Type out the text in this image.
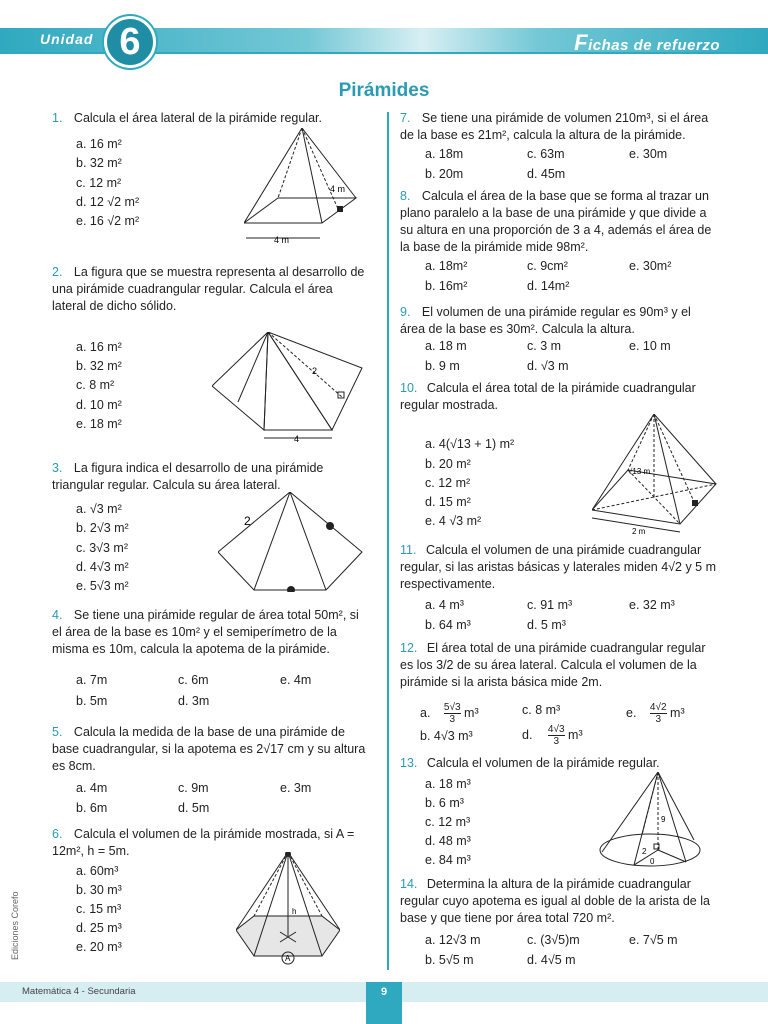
Unidad 6	Fichas de refuerzo
Pirámides
1. Calcula el área lateral de la pirámide regular.
a. 16 m²
b. 32 m²
c. 12 m²
d. 12 √2 m²
e. 16 √2 m²
4 m
4 m
2. La figura que se muestra representa al desarrollo de una pirámide cuadrangular regular. Calcula el área lateral de dicho sólido.
a. 16 m²
b. 32 m²
c. 8 m²
d. 10 m²
e. 18 m²
2
4
3. La figura indica el desarrollo de una pirámide triangular regular. Calcula su área lateral.
a. √3 m²
b. 2√3 m²
c. 3√3 m²
d. 4√3 m²
e. 5√3 m²
2
4. Se tiene una pirámide regular de área total 50m², si el área de la base es 10m² y el semiperímetro de la misma es 10m, calcula la apotema de la pirámide.
a. 7m	c. 6m	e. 4m
b. 5m	d. 3m
5. Calcula la medida de la base de una pirámide de base cuadrangular, si la apotema es 2√17 cm y su altura es 8cm.
a. 4m	c. 9m	e. 3m
b. 6m	d. 5m
6. Calcula el volumen de la pirámide mostrada, si A = 12m², h = 5m.
a. 60m³
b. 30 m³
c. 15 m³
d. 25 m³
e. 20 m³
h
A
7. Se tiene una pirámide de volumen 210m³, si el área de la base es 21m², calcula la altura de la pirámide.
a. 18m	c. 63m	e. 30m
b. 20m	d. 45m
8. Calcula el área de la base que se forma al trazar un plano paralelo a la base de una pirámide y que divide a su altura en una proporción de 3 a 4, además el área de la base de la pirámide mide 98m².
a. 18m²	c. 9cm²	e. 30m²
b. 16m²	d. 14m²
9. El volumen de una pirámide regular es 90m³ y el área de la base es 30m². Calcula la altura.
a. 18 m	c. 3 m	e. 10 m
b. 9 m	d. √3 m
10. Calcula el área total de la pirámide cuadrangular regular mostrada.
a. 4(√13 + 1) m²
b. 20 m²
c. 12 m²
d. 15 m²
e. 4 √3 m²
√13 m
2 m
11. Calcula el volumen de una pirámide cuadrangular regular, si las aristas básicas y laterales miden 4√2 y 5 m respectivamente.
a. 4 m³	c. 91 m³	e. 32 m³
b. 64 m³	d. 5 m³
12. El área total de una pirámide cuadrangular regular es los 3/2 de su área lateral. Calcula el volumen de la pirámide si la arista básica mide 2m.
a. $\frac{5√3}{3} m^3$	c. 8 m³	e. $\frac{4√2}{3} m^3$
b. 4√3 m³	d. $\frac{4√3}{3} m^3$
13. Calcula el volumen de la pirámide regular.
a. 18 m³
b. 6 m³
c. 12 m³
d. 48 m³
e. 84 m³
9
2
0
14. Determina la altura de la pirámide cuadrangular regular cuyo apotema es igual al doble de la arista de la base y que tiene por área total 720 m².
a. 12√3 m	c. (3√5)m	e. 7√5 m
b. 5√5 m	d. 4√5 m
Ediciones Corefo
Matemática 4 - Secundaria	9
